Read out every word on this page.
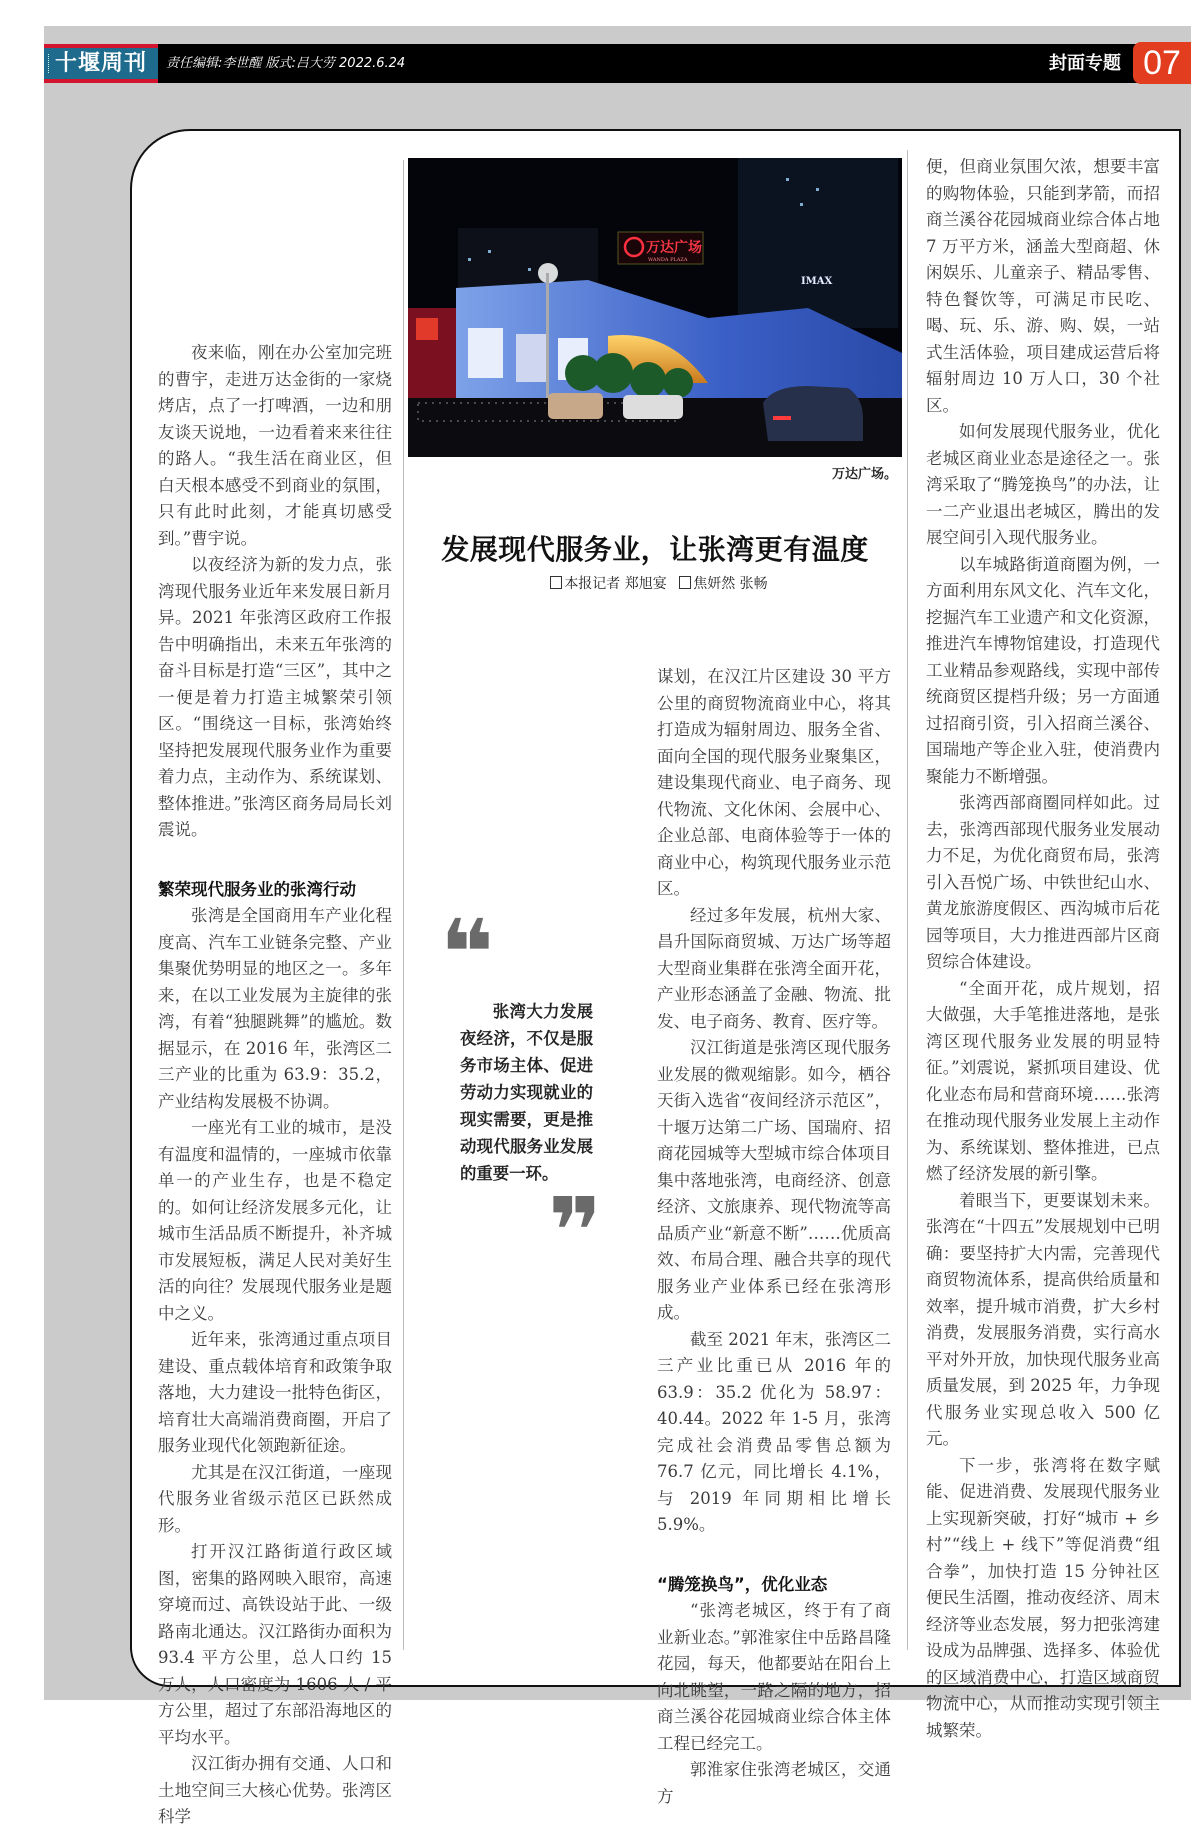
十堰周刊	责任编辑:李世醒 版式:吕大劳 2022.6.24	封面专题 07
万达广场
WANDA PLAZA
IMAX
万达广场。
发展现代服务业，让张湾更有温度
本报记者 郑旭宴 焦妍然 张畅

夜来临，刚在办公室加完班的曹宇，走进万达金街的一家烧烤店，点了一打啤酒，一边和朋友谈天说地，一边看着来来往往的路人。“我生活在商业区，但白天根本感受不到商业的氛围，只有此时此刻，才能真切感受到。”曹宇说。

以夜经济为新的发力点，张湾现代服务业近年来发展日新月异。2021 年张湾区政府工作报告中明确指出，未来五年张湾的奋斗目标是打造“三区”，其中之一便是着力打造主城繁荣引领区。“围绕这一目标，张湾始终坚持把发展现代服务业作为重要着力点，主动作为、系统谋划、整体推进。”张湾区商务局局长刘震说。

繁荣现代服务业的张湾行动

张湾是全国商用车产业化程度高、汽车工业链条完整、产业集聚优势明显的地区之一。多年来，在以工业发展为主旋律的张湾，有着“独腿跳舞”的尴尬。数据显示，在 2016 年，张湾区二三产业的比重为 63.9：35.2，产业结构发展极不协调。

一座光有工业的城市，是没有温度和温情的，一座城市依靠单一的产业生存，也是不稳定的。如何让经济发展多元化，让城市生活品质不断提升，补齐城市发展短板，满足人民对美好生活的向往？发展现代服务业是题中之义。

近年来，张湾通过重点项目建设、重点载体培育和政策争取落地，大力建设一批特色街区，培育壮大高端消费商圈，开启了服务业现代化领跑新征途。

尤其是在汉江街道，一座现代服务业省级示范区已跃然成形。

打开汉江路街道行政区域图，密集的路网映入眼帘，高速穿境而过、高铁设站于此、一级路南北通达。汉江路街办面积为 93.4 平方公里，总人口约 15 万人，人口密度为 1606 人 / 平方公里，超过了东部沿海地区的平均水平。

汉江街办拥有交通、人口和土地空间三大核心优势。张湾区科学

谋划，在汉江片区建设 30 平方公里的商贸物流商业中心，将其打造成为辐射周边、服务全省、面向全国的现代服务业聚集区，建设集现代商业、电子商务、现代物流、文化休闲、会展中心、企业总部、电商体验等于一体的商业中心，构筑现代服务业示范区。

经过多年发展，杭州大家、昌升国际商贸城、万达广场等超大型商业集群在张湾全面开花，产业形态涵盖了金融、物流、批发、电子商务、教育、医疗等。

汉江街道是张湾区现代服务业发展的微观缩影。如今，栖谷天街入选省“夜间经济示范区”，十堰万达第二广场、国瑞府、招商花园城等大型城市综合体项目集中落地张湾，电商经济、创意经济、文旅康养、现代物流等高品质产业“新意不断”……优质高效、布局合理、融合共享的现代服务业产业体系已经在张湾形成。

截至 2021 年末，张湾区二三产业比重已从 2016 年的 63.9：35.2 优化为 58.97：40.44。2022 年 1-5 月，张湾完成社会消费品零售总额为 76.7 亿元，同比增长 4.1%，与 2019 年同期相比增长 5.9%。

“腾笼换鸟”，优化业态

“张湾老城区，终于有了商业新业态。”郭淮家住中岳路昌隆花园，每天，他都要站在阳台上向北眺望，一路之隔的地方，招商兰溪谷花园城商业综合体主体工程已经完工。

郭淮家住张湾老城区，交通方

便，但商业氛围欠浓，想要丰富的购物体验，只能到茅箭，而招商兰溪谷花园城商业综合体占地 7 万平方米，涵盖大型商超、休闲娱乐、儿童亲子、精品零售、特色餐饮等，可满足市民吃、喝、玩、乐、游、购、娱，一站式生活体验，项目建成运营后将辐射周边 10 万人口，30 个社区。

如何发展现代服务业，优化老城区商业业态是途径之一。张湾采取了“腾笼换鸟”的办法，让一二产业退出老城区，腾出的发展空间引入现代服务业。

以车城路街道商圈为例，一方面利用东风文化、汽车文化，挖掘汽车工业遗产和文化资源，推进汽车博物馆建设，打造现代工业精品参观路线，实现中部传统商贸区提档升级；另一方面通过招商引资，引入招商兰溪谷、国瑞地产等企业入驻，使消费内聚能力不断增强。

张湾西部商圈同样如此。过去，张湾西部现代服务业发展动力不足，为优化商贸布局，张湾引入吾悦广场、中铁世纪山水、黄龙旅游度假区、西沟城市后花园等项目，大力推进西部片区商贸综合体建设。

“全面开花，成片规划，招大做强，大手笔推进落地，是张湾区现代服务业发展的明显特征。”刘震说，紧抓项目建设、优化业态布局和营商环境……张湾在推动现代服务业发展上主动作为、系统谋划、整体推进，已点燃了经济发展的新引擎。

着眼当下，更要谋划未来。张湾在“十四五”发展规划中已明确：要坚持扩大内需，完善现代商贸物流体系，提高供给质量和效率，提升城市消费，扩大乡村消费，发展服务消费，实行高水平对外开放，加快现代服务业高质量发展，到 2025 年，力争现代服务业实现总收入 500 亿元。

下一步，张湾将在数字赋能、促进消费、发展现代服务业上实现新突破，打好“城市 + 乡村”“线上 + 线下”等促消费“组合拳”，加快打造 15 分钟社区便民生活圈，推动夜经济、周末经济等业态发展，努力把张湾建设成为品牌强、选择多、体验优的区域消费中心，打造区域商贸物流中心，从而推动实现引领主城繁荣。

❝

张湾大力发展夜经济，不仅是服务市场主体、促进劳动力实现就业的现实需要，更是推动现代服务业发展的重要一环。

❞
